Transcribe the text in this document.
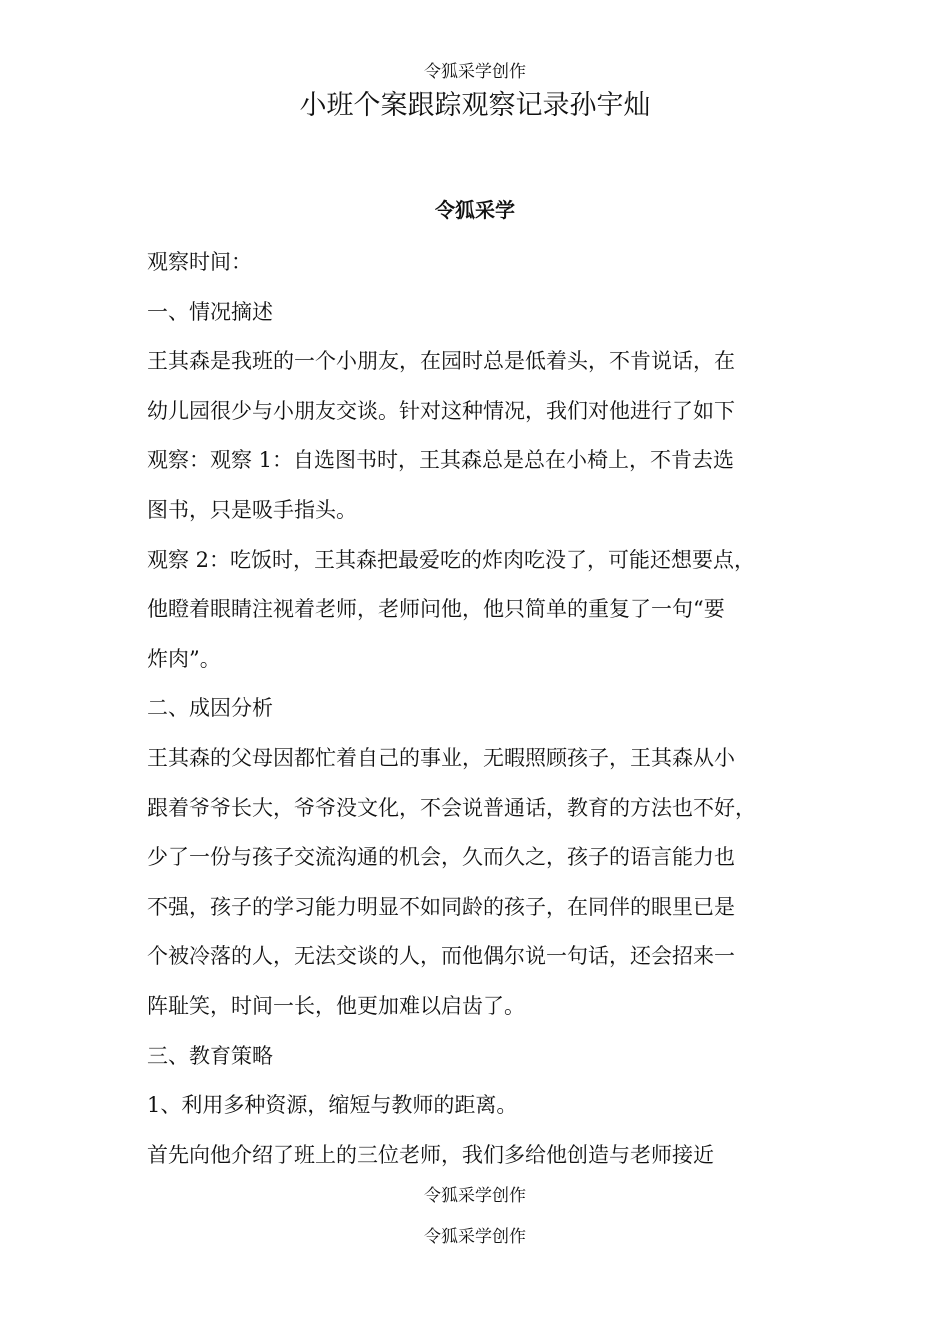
令狐采学创作
小班个案跟踪观察记录孙宇灿
令狐采学

观察时间：

一、情况摘述

王其森是我班的一个小朋友，在园时总是低着头，不肯说话，在

幼儿园很少与小朋友交谈。针对这种情况，我们对他进行了如下

观察：观察 1：自选图书时，王其森总是总在小椅上，不肯去选

图书，只是吸手指头。

观察 2：吃饭时，王其森把最爱吃的炸肉吃没了，可能还想要点，

他瞪着眼睛注视着老师，老师问他，他只简单的重复了一句“要

炸肉”。

二、成因分析

王其森的父母因都忙着自己的事业，无暇照顾孩子，王其森从小

跟着爷爷长大，爷爷没文化，不会说普通话，教育的方法也不好，

少了一份与孩子交流沟通的机会，久而久之，孩子的语言能力也

不强，孩子的学习能力明显不如同龄的孩子，在同伴的眼里已是

个被冷落的人，无法交谈的人，而他偶尔说一句话，还会招来一

阵耻笑，时间一长，他更加难以启齿了。

三、教育策略

1、利用多种资源，缩短与教师的距离。

首先向他介绍了班上的三位老师，我们多给他创造与老师接近

令狐采学创作
令狐采学创作
